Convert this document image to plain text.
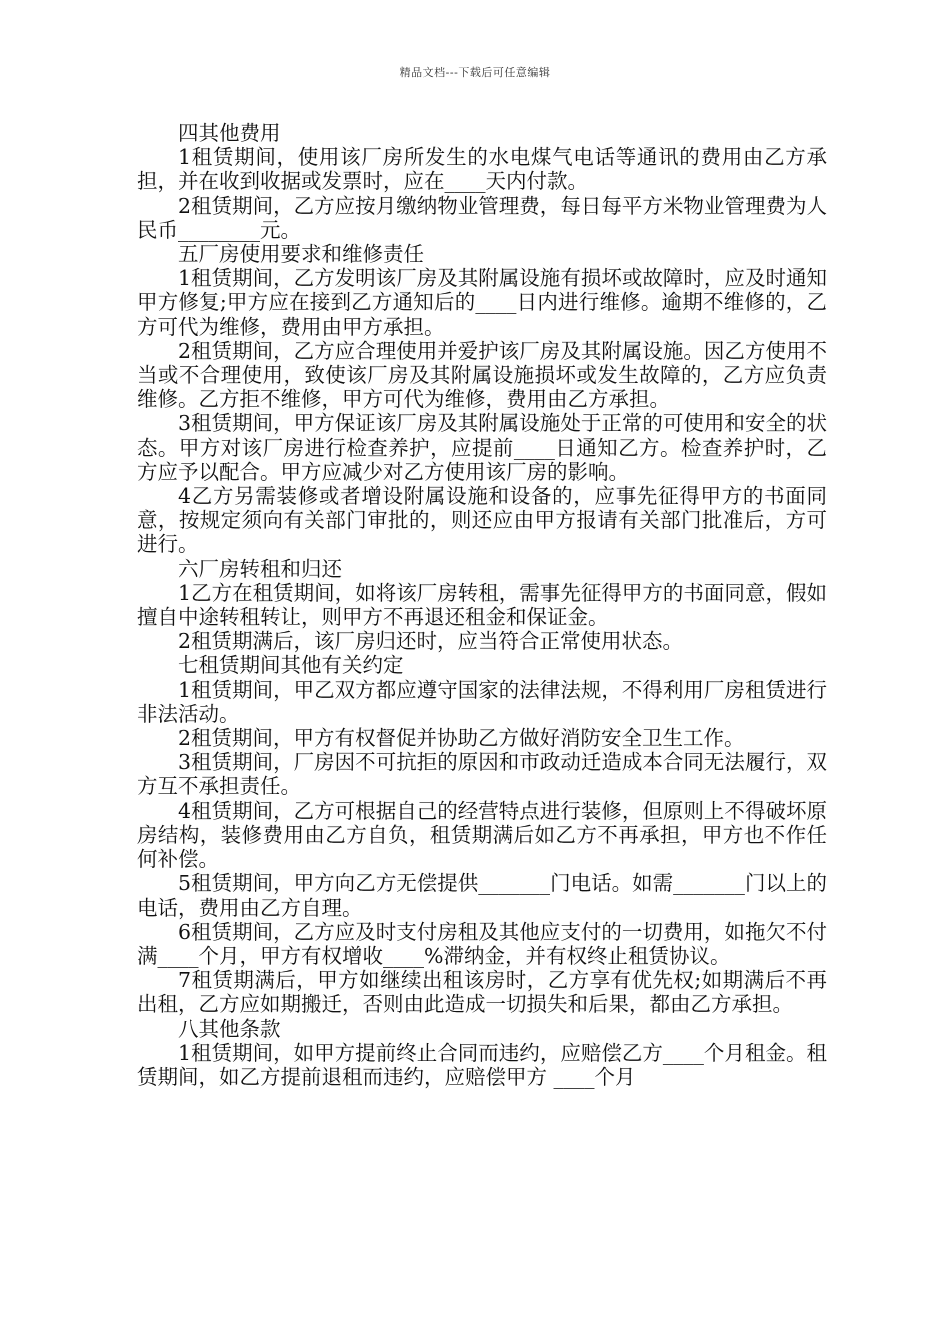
精品文档---下载后可任意编辑

四其他费用

1租赁期间，使用该厂房所发生的水电煤气电话等通讯的费用由乙方承担，并在收到收据或发票时，应在____天内付款。

2租赁期间，乙方应按月缴纳物业管理费，每日每平方米物业管理费为人民币________元。

五厂房使用要求和维修责任

1租赁期间，乙方发明该厂房及其附属设施有损坏或故障时，应及时通知甲方修复;甲方应在接到乙方通知后的____日内进行维修。逾期不维修的，乙方可代为维修，费用由甲方承担。

2租赁期间，乙方应合理使用并爱护该厂房及其附属设施。因乙方使用不当或不合理使用，致使该厂房及其附属设施损坏或发生故障的，乙方应负责维修。乙方拒不维修，甲方可代为维修，费用由乙方承担。

3租赁期间，甲方保证该厂房及其附属设施处于正常的可使用和安全的状态。甲方对该厂房进行检查养护，应提前____日通知乙方。检查养护时，乙方应予以配合。甲方应减少对乙方使用该厂房的影响。

4乙方另需装修或者增设附属设施和设备的，应事先征得甲方的书面同意，按规定须向有关部门审批的，则还应由甲方报请有关部门批准后，方可进行。

六厂房转租和归还

1乙方在租赁期间，如将该厂房转租，需事先征得甲方的书面同意，假如擅自中途转租转让，则甲方不再退还租金和保证金。

2租赁期满后，该厂房归还时，应当符合正常使用状态。

七租赁期间其他有关约定

1租赁期间，甲乙双方都应遵守国家的法律法规，不得利用厂房租赁进行非法活动。

2租赁期间，甲方有权督促并协助乙方做好消防安全卫生工作。

3租赁期间，厂房因不可抗拒的原因和市政动迁造成本合同无法履行，双方互不承担责任。

4租赁期间，乙方可根据自己的经营特点进行装修，但原则上不得破坏原房结构，装修费用由乙方自负，租赁期满后如乙方不再承担，甲方也不作任何补偿。

5租赁期间，甲方向乙方无偿提供_______门电话。如需_______门以上的电话，费用由乙方自理。

6租赁期间，乙方应及时支付房租及其他应支付的一切费用，如拖欠不付满____个月，甲方有权增收____%滞纳金，并有权终止租赁协议。

7租赁期满后，甲方如继续出租该房时，乙方享有优先权;如期满后不再出租，乙方应如期搬迁，否则由此造成一切损失和后果，都由乙方承担。

八其他条款

1租赁期间，如甲方提前终止合同而违约，应赔偿乙方____个月租金。租赁期间，如乙方提前退租而违约，应赔偿甲方 ____个月
